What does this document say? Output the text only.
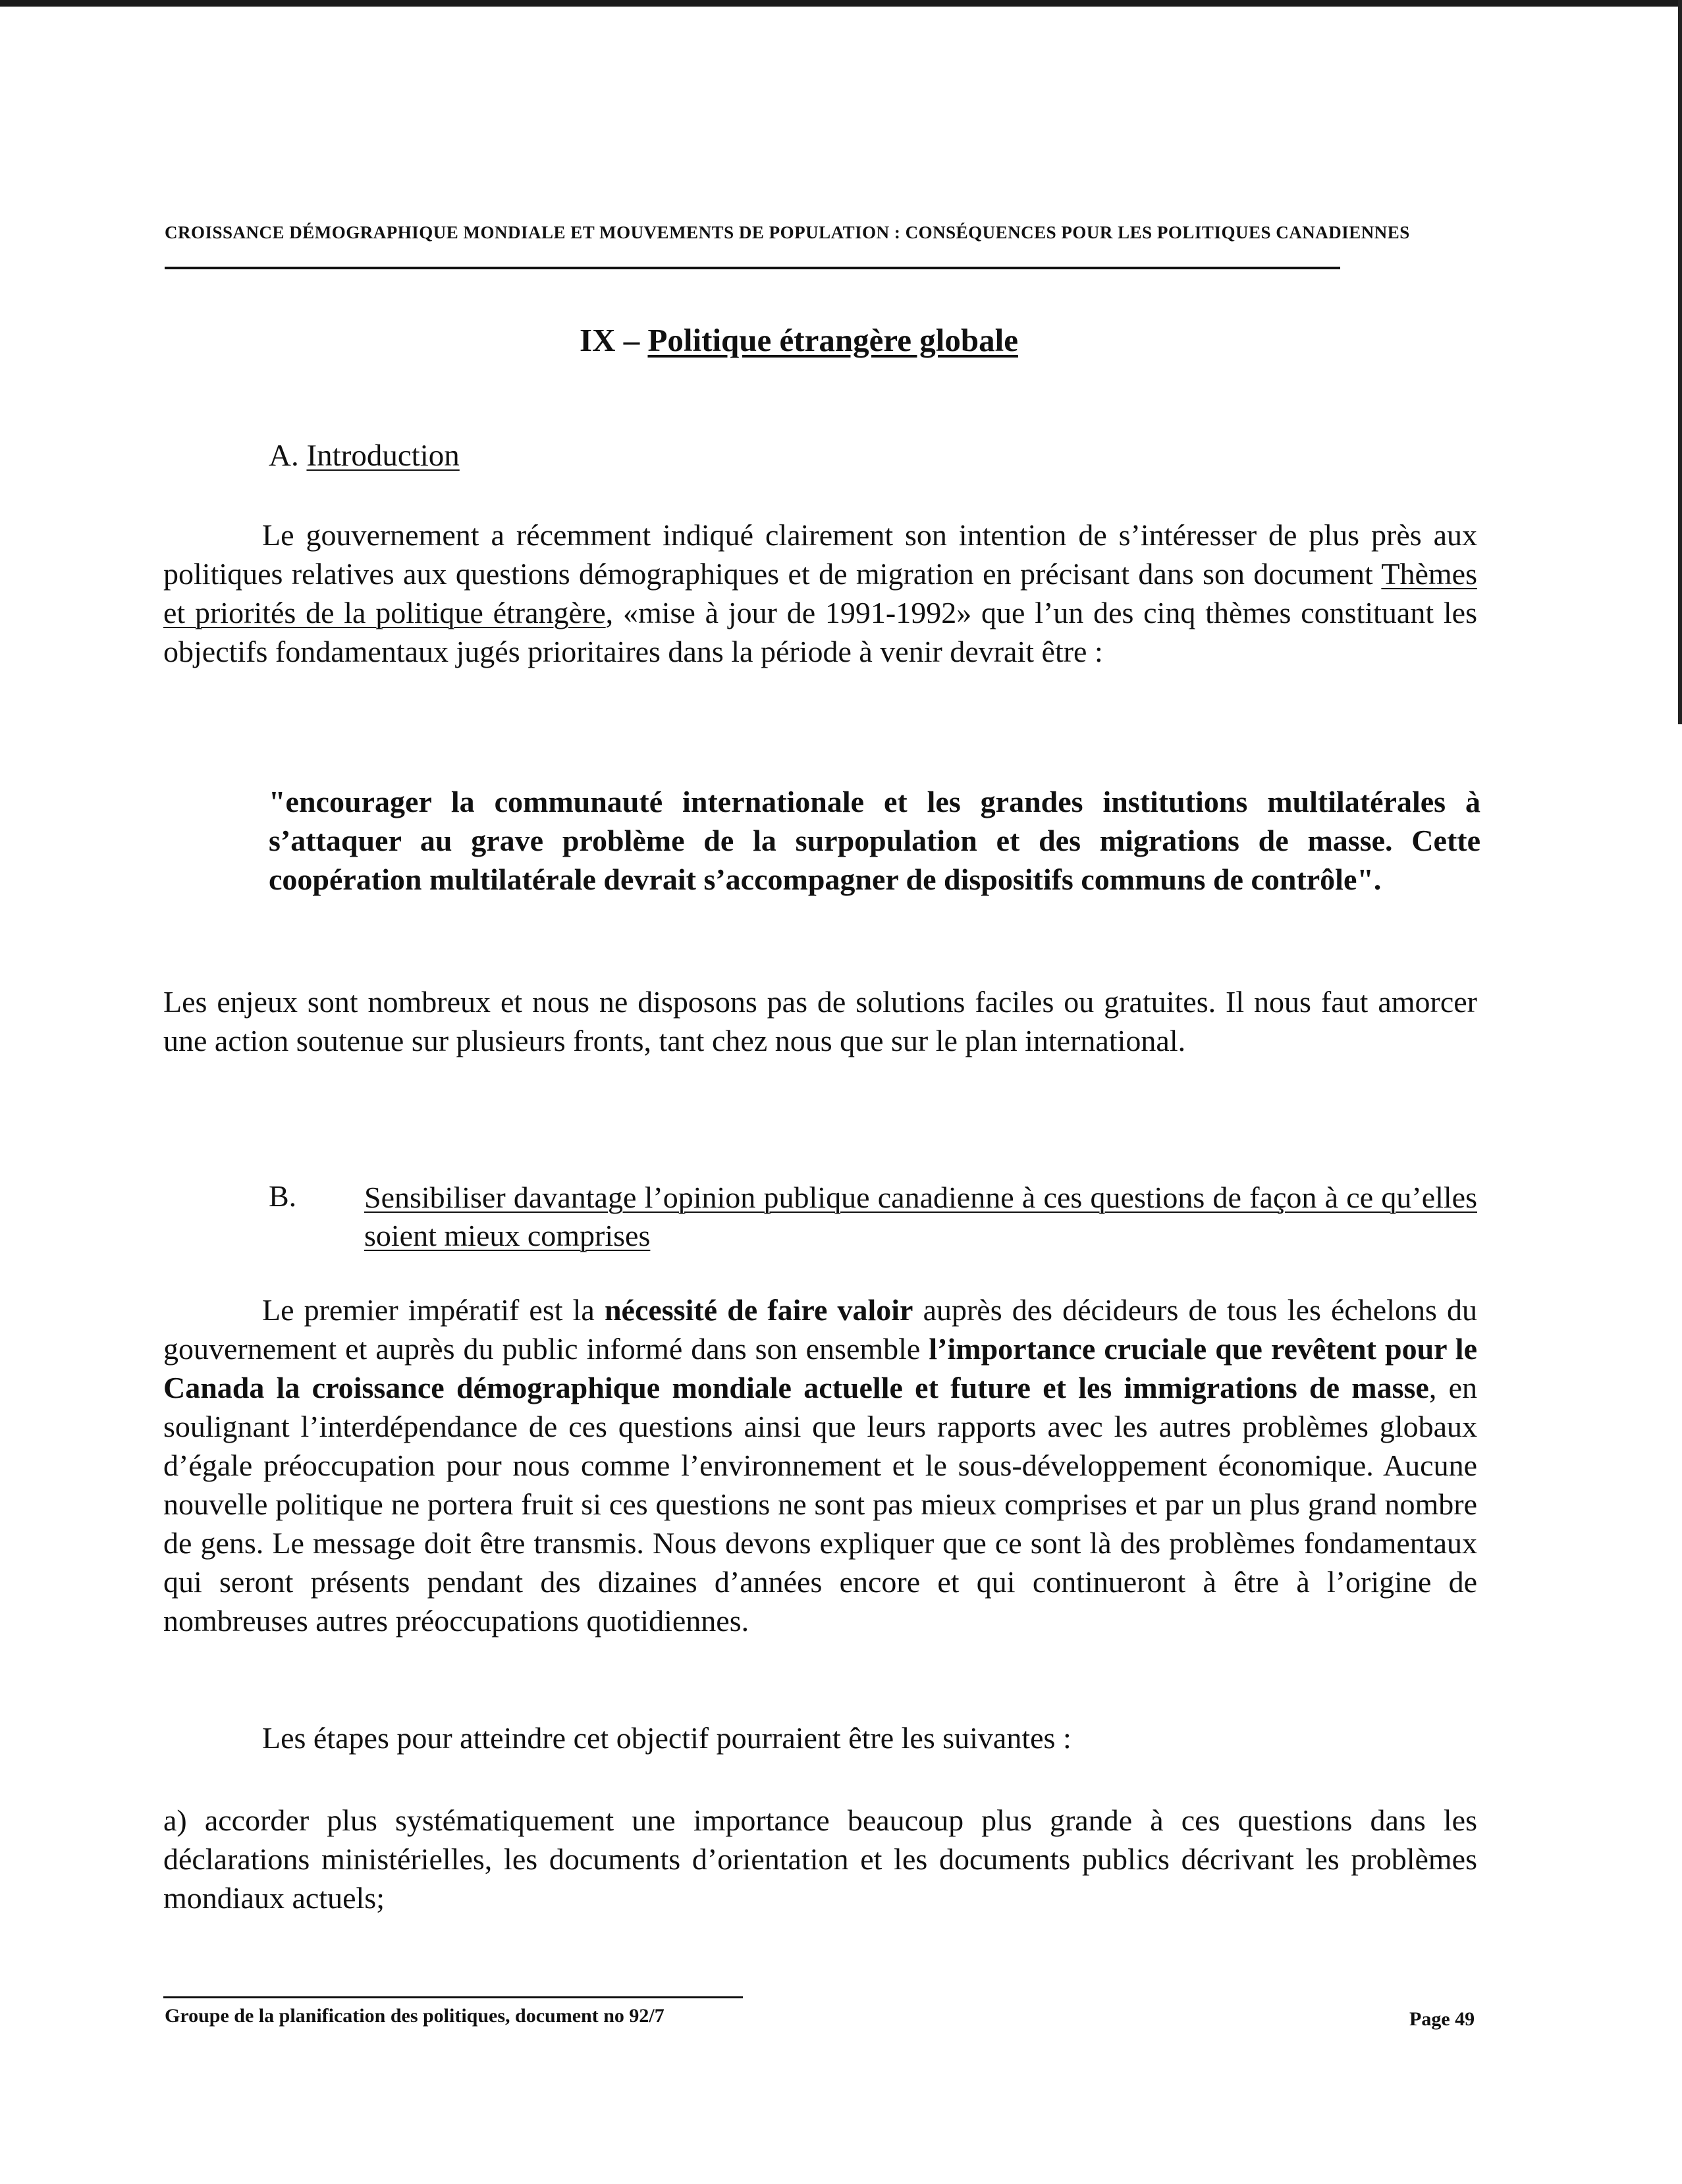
CROISSANCE DÉMOGRAPHIQUE MONDIALE ET MOUVEMENTS DE POPULATION : CONSÉQUENCES POUR LES POLITIQUES CANADIENNES
IX – Politique étrangère globale
A. Introduction

Le gouvernement a récemment indiqué clairement son intention de s’intéresser de plus près aux politiques relatives aux questions démographiques et de migration en précisant dans son document Thèmes et priorités de la politique étrangère, «mise à jour de 1991-1992» que l’un des cinq thèmes constituant les objectifs fondamentaux jugés prioritaires dans la période à venir devrait être :

"encourager la communauté internationale et les grandes institutions multilatérales à s’attaquer au grave problème de la surpopulation et des migrations de masse. Cette coopération multilatérale devrait s’accompagner de dispositifs communs de contrôle".

Les enjeux sont nombreux et nous ne disposons pas de solutions faciles ou gratuites. Il nous faut amorcer une action soutenue sur plusieurs fronts, tant chez nous que sur le plan international.

B. Sensibiliser davantage l’opinion publique canadienne à ces questions de façon à ce qu’elles soient mieux comprises

Le premier impératif est la nécessité de faire valoir auprès des décideurs de tous les échelons du gouvernement et auprès du public informé dans son ensemble l’importance cruciale que revêtent pour le Canada la croissance démographique mondiale actuelle et future et les immigrations de masse, en soulignant l’interdépendance de ces questions ainsi que leurs rapports avec les autres problèmes globaux d’égale préoccupation pour nous comme l’environnement et le sous-développement économique. Aucune nouvelle politique ne portera fruit si ces questions ne sont pas mieux comprises et par un plus grand nombre de gens. Le message doit être transmis. Nous devons expliquer que ce sont là des problèmes fondamentaux qui seront présents pendant des dizaines d’années encore et qui continueront à être à l’origine de nombreuses autres préoccupations quotidiennes.

Les étapes pour atteindre cet objectif pourraient être les suivantes :

a) accorder plus systématiquement une importance beaucoup plus grande à ces questions dans les déclarations ministérielles, les documents d’orientation et les documents publics décrivant les problèmes mondiaux actuels;

Groupe de la planification des politiques, document no 92/7	Page 49
